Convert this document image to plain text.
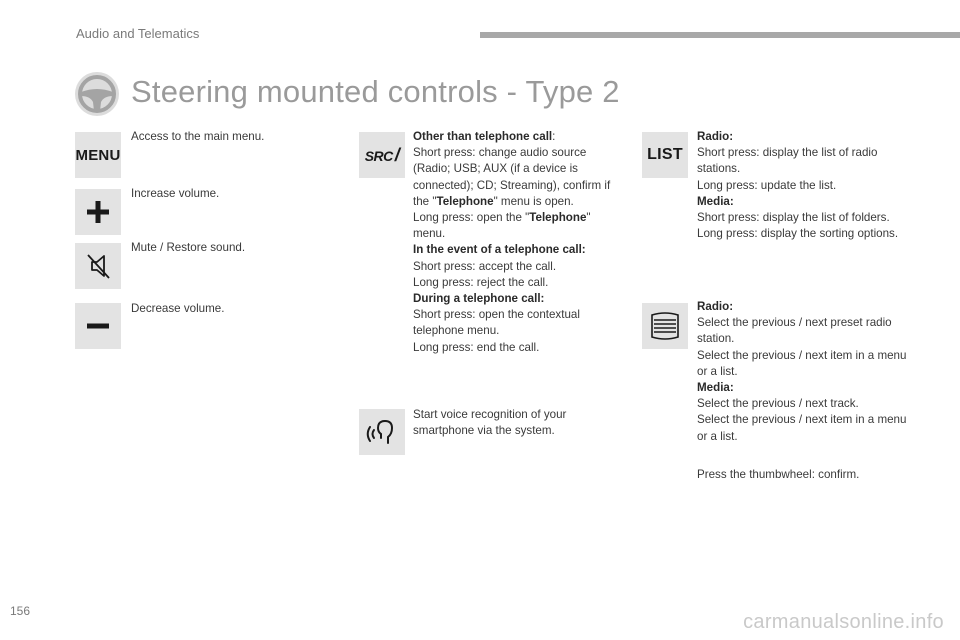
Audio and Telematics
Steering mounted controls - Type 2
MENU
Access to the main menu.
Increase volume.
Mute / Restore sound.
Decrease volume.
SRC /
Other than telephone call:
Short press: change audio source (Radio; USB; AUX (if a device is connected); CD; Streaming), confirm if the "Telephone" menu is open.
Long press: open the "Telephone" menu.
In the event of a telephone call:
Short press: accept the call.
Long press: reject the call.
During a telephone call:
Short press: open the contextual telephone menu.
Long press: end the call.
Start voice recognition of your smartphone via the system.
LIST
Radio:
Short press: display the list of radio stations.
Long press: update the list.
Media:
Short press: display the list of folders.
Long press: display the sorting options.
Radio:
Select the previous / next preset radio station.
Select the previous / next item in a menu or a list.
Media:
Select the previous / next track.
Select the previous / next item in a menu or a list.
Press the thumbwheel: confirm.
156	carmanualsonline.info
